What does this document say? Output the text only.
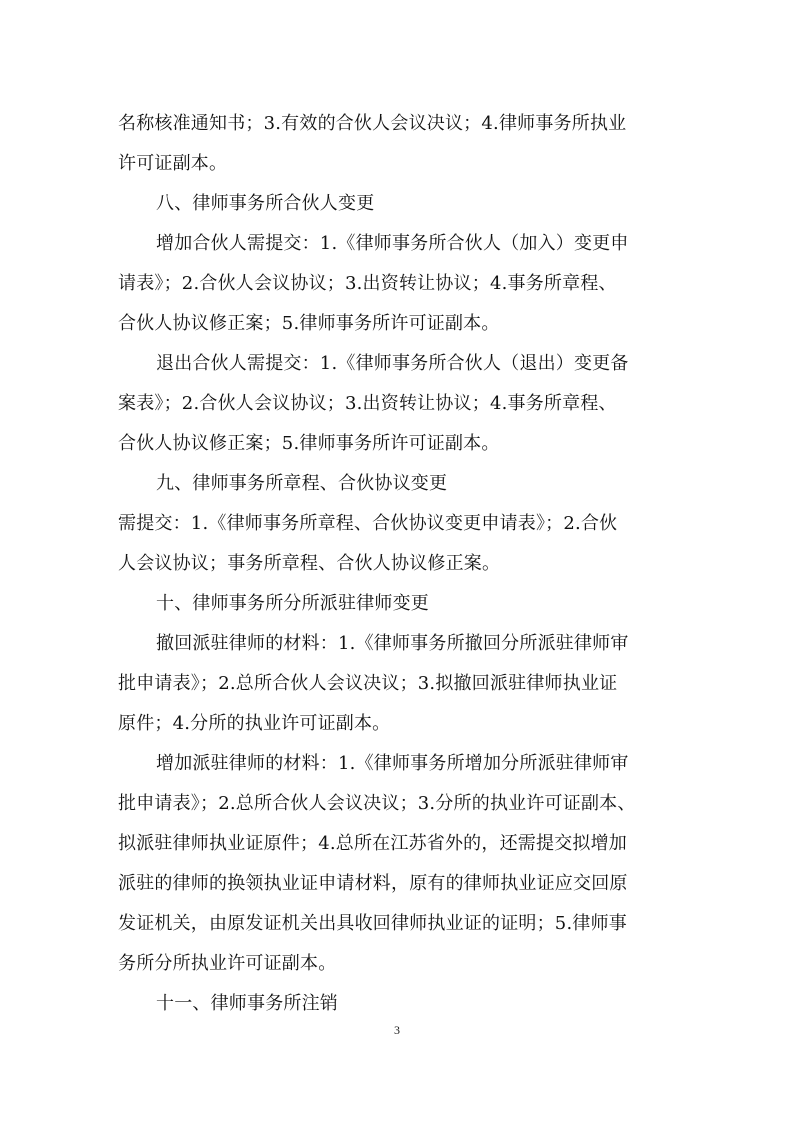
名称核准通知书；3.有效的合伙人会议决议；4.律师事务所执业
许可证副本。
八、律师事务所合伙人变更
增加合伙人需提交：1.《律师事务所合伙人（加入）变更申
请表》；2.合伙人会议协议；3.出资转让协议；4.事务所章程、
合伙人协议修正案；5.律师事务所许可证副本。
退出合伙人需提交：1.《律师事务所合伙人（退出）变更备
案表》；2.合伙人会议协议；3.出资转让协议；4.事务所章程、
合伙人协议修正案；5.律师事务所许可证副本。
九、律师事务所章程、合伙协议变更
需提交：1.《律师事务所章程、合伙协议变更申请表》；2.合伙
人会议协议；事务所章程、合伙人协议修正案。
十、律师事务所分所派驻律师变更
撤回派驻律师的材料：1.《律师事务所撤回分所派驻律师审
批申请表》；2.总所合伙人会议决议；3.拟撤回派驻律师执业证
原件；4.分所的执业许可证副本。
增加派驻律师的材料：1.《律师事务所增加分所派驻律师审
批申请表》；2.总所合伙人会议决议；3.分所的执业许可证副本、
拟派驻律师执业证原件；4.总所在江苏省外的，还需提交拟增加
派驻的律师的换领执业证申请材料，原有的律师执业证应交回原
发证机关，由原发证机关出具收回律师执业证的证明；5.律师事
务所分所执业许可证副本。
十一、律师事务所注销
3
